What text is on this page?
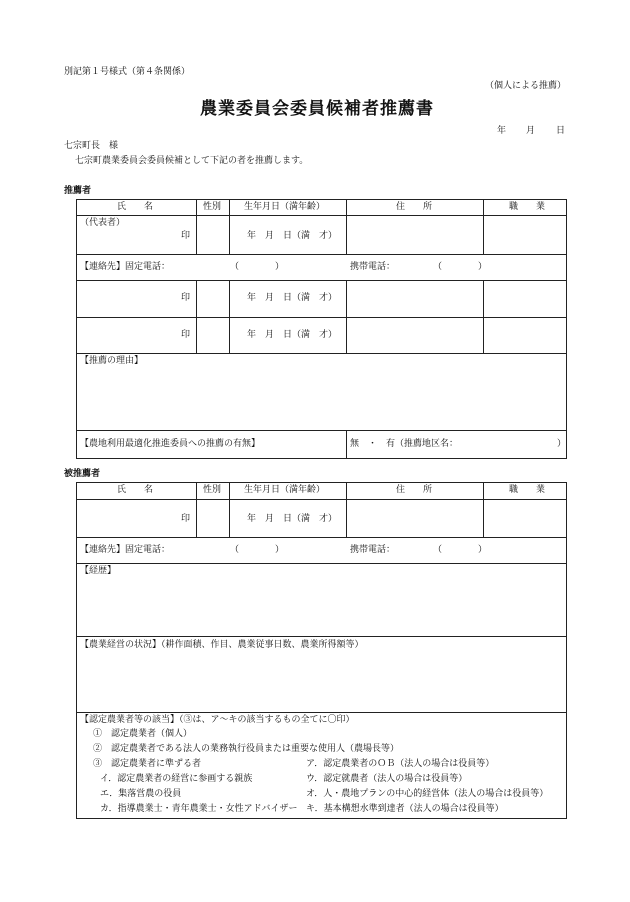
別記第１号様式（第４条関係）
（個人による推薦）
農業委員会委員候補者推薦書
年 月 日
七宗町長　様
七宗町農業委員会委員候補として下記の者を推薦します。
推薦者
氏　　名	性別	生年月日（満年齢）	住　　所	職　　業
（代表者）
印	年　月　日（満　才）
【連絡先】固定電話：	（　　　　）	携帯電話：	（　　　　）
印	年　月　日（満　才）
印	年　月　日（満　才）
【推薦の理由】
【農地利用最適化推進委員への推薦の有無】	無　・　有（推薦地区名：	）
被推薦者
氏　　名	性別	生年月日（満年齢）	住　　所	職　　業
印	年　月　日（満　才）
【連絡先】固定電話：	（　　　　）	携帯電話：	（　　　　）
【経歴】
【農業経営の状況】（耕作面積、作目、農業従事日数、農業所得額等）
【認定農業者等の該当】（③は、ア～キの該当するもの全てに〇印）
①　認定農業者（個人）
②　認定農業者である法人の業務執行役員または重要な使用人（農場長等）
③　認定農業者に準ずる者	ア．認定農業者のＯＢ（法人の場合は役員等）
イ．認定農業者の経営に参画する親族	ウ．認定就農者（法人の場合は役員等）
エ．集落営農の役員	オ．人・農地プランの中心的経営体（法人の場合は役員等）
カ．指導農業士・青年農業士・女性アドバイザー キ．基本構想水準到達者（法人の場合は役員等）
